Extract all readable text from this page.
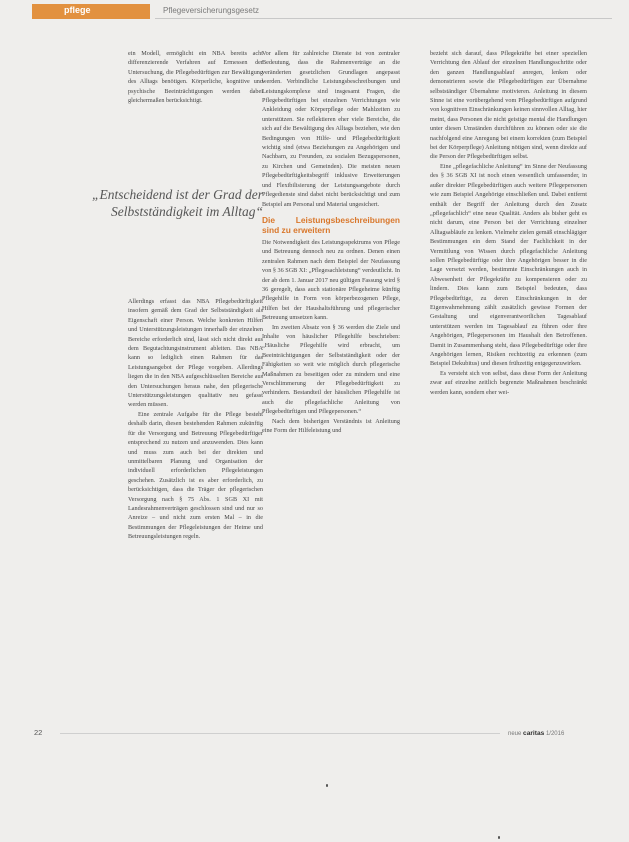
pflege	Pflegeversicherungsgesetz

ein Modell, ermöglicht ein NBA bereits acht differenzierende Verfahren auf Ermessen der Untersuchung, die Pflegebedürftigen zur Bewältigung des Alltags benötigen. Körperliche, kognitive und psychische Beeinträchtigungen werden dabei gleichermaßen berücksichtigt.

„Entscheidend ist der Grad der Selbstständigkeit im Alltag“

Allerdings erfasst das NBA Pflegebedürftigkeit insofern gemäß dem Grad der Selbstständigkeit als Eigenschaft einer Person. Welche konkreten Hilfen und Unterstützungsleistungen innerhalb der einzelnen Bereiche erforderlich sind, lässt sich nicht direkt aus dem Begutachtungsinstrument ableiten. Das NBA kann so lediglich einen Rahmen für das Leistungsangebot der Pflege vorgeben. Allerdings liegen die in den NBA aufgeschlüsselten Bereiche aus den Untersuchungen heraus nahe, den pflegerische Unterstützungsleistungen qualitativ neu gefasst werden müssen.

Eine zentrale Aufgabe für die Pflege besteht deshalb darin, diesen bestehenden Rahmen zukünftig für die Versorgung und Betreuung Pflegebedürftiger entsprechend zu nutzen und anzuwenden. Dies kann und muss zum auch bei der direkten und unmittelbaren Planung und Organisation der individuell erforderlichen Pflegeleistungen geschehen. Zusätzlich ist es aber erforderlich, zu berücksichtigen, dass die Träger der pflegerischen Versorgung nach § 75 Abs. 1 SGB XI mit Landesrahmenverträgen geschlossen sind und nur so Anreize – und nicht zum ersten Mal – in die Bestimmungen der Pflegeleistungen der Heime und Betreuungsleistungen regeln.

Vor allem für zahlreiche Dienste ist von zentraler Bedeutung, dass die Rahmenverträge an die veränderten gesetzlichen Grundlagen angepasst werden. Verbindliche Leistungsbeschreibungen und Leistungskomplexe sind insgesamt Fragen, die Pflegebedürftigen bei einzelnen Verrichtungen wie Ankleidung oder Körperpflege oder Mahlzeiten zu unterstützen. Sie reflektieren eher viele Bereiche, die sich auf die Bewältigung des Alltags beziehen, wie den Bedingungen von Hilfe- und Pflegebedürftigkeit wichtig sind (etwa Beziehungen zu Angehörigen und Nachbarn, zu Freunden, zu sozialen Bezugspersonen, zu Kirchen und Gemeinden). Die meisten neuen Pflegebedürftigkeitsbegriff inklusive Erweiterungen und Flexibilisierung der Leistungsangebote durch Pflegedienste sind dabei nicht berücksichtigt und zum Beispiel am Personal und Material ungesichert.

Die Leistungsbeschreibungen sind zu erweitern

Die Notwendigkeit des Leistungsspektrums von Pflege und Betreuung dennoch neu zu ordnen. Denen einen zentralen Rahmen nach dem Beispiel der Neufassung von § 36 SGB XI: „Pflegesachleistung“ verdeutlicht. In der ab dem 1. Januar 2017 neu gültigen Fassung wird § 36 geregelt, dass auch stationäre Pflegeheime künftig Pflegehilfe in Form von körperbezogenen Pflege, Hilfen bei der Haushaltsführung und pflegerischer Betreuung umsetzen kann.

Im zweiten Absatz von § 36 werden die Ziele und Inhalte von häuslicher Pflegehilfe beschrieben: „Häusliche Pflegehilfe wird erbracht, um Beeinträchtigungen der Selbstständigkeit oder der Fähigkeiten so weit wie möglich durch pflegerische Maßnahmen zu beseitigen oder zu mindern und eine Verschlimmerung der Pflegebedürftigkeit zu verhindern. Bestandteil der häuslichen Pflegehilfe ist auch die pflegefachliche Anleitung von Pflegebedürftigen und Pflegepersonen.“

Nach dem bisherigen Verständnis ist Anleitung eine Form der Hilfeleistung und

bezieht sich darauf, dass Pflegekräfte bei einer speziellen Verrichtung den Ablauf der einzelnen Handlungsschritte oder den ganzen Handlungsablauf anregen, lenken oder demonstrieren sowie die Pflegebedürftigen zur Übernahme selbstständiger Übernahme motivieren. Anleitung in diesem Sinne ist eine vorübergehend vom Pflegebedürftigen aufgrund von kognitiven Einschränkungen keinen sinnvollen Alltag, hier meint, dass Personen die nicht geistige mental die Handlungen unter diesen Umständen durchführen zu können oder sie die nachfolgend eine Anregung bei einem korrekten (zum Beispiel bei der Körperpflege) Anleitung nötigen sind, wenn direkte auf die Person der Pflegebedürftigen selbst.

Eine „pflegefachliche Anleitung“ im Sinne der Neufassung des § 36 SGB XI ist noch einen wesentlich umfassender, in außer direkter Pflegebedürftigen auch weitere Pflegepersonen wie zum Beispiel Angehörige einschließen und. Dabei entfernt enthält der Begriff der Anleitung durch den Zusatz „pflegefachlich“ eine neue Qualität. Anders als bisher geht es nicht darum, eine Person bei der Verrichtung einzelner Alltagsabläufe zu lenken. Vielmehr zielen gemäß einschlägiger Bestimmungen ein dem Stand der Fachlichkeit in der Vermittlung von Wissen durch pflegefachliche Anleitung sollen Pflegebedürftige oder ihre Angehörigen besser in die Lage versetzt werden, bestimmte Einschränkungen auch in Abwesenheit der Pflegekräfte zu kompensieren oder zu lindern. Dies kann zum Beispiel bedeuten, dass Pflegebedürftige, zu deren Einschränkungen in der Eigenwahrnehmung zählt zusätzlich gewisse Formen der Gestaltung und eigenverantwortlichen Tagesablauf unterstützen werden im Tagesablauf zu führen oder ihre Angehörigen, Pflegepersonen im Haushalt den Betroffenen. Damit in Zusammenhang steht, dass Pflegebedürftige oder ihre Angehörigen lernen, Risiken rechtzeitig zu erkennen (zum Beispiel Dekubitus) und diesen frühzeitig entgegenzuwirken.

Es versteht sich von selbst, dass diese Form der Anleitung zwar auf einzelne zeitlich begrenzte Maßnahmen beschränkt werden kann, sondern eher wei-

22	neue caritas 1/2016
